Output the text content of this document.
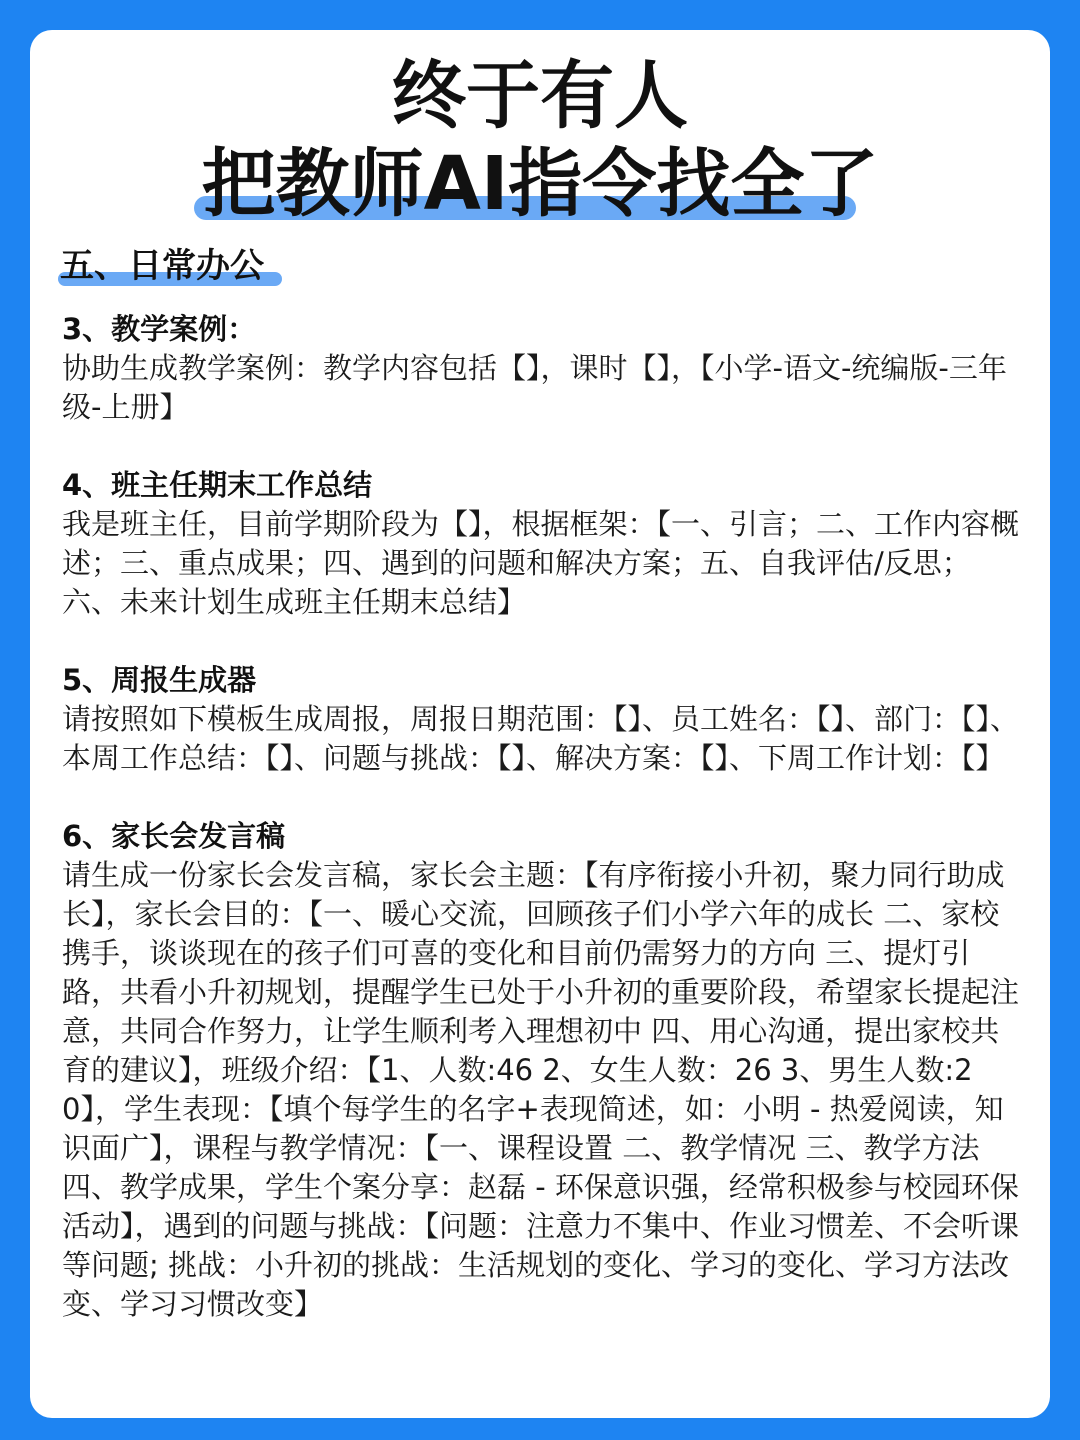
终于有人
把教师AI指令找全了
五、日常办公
3、教学案例：
协助生成教学案例：教学内容包括【】，课时【】，【小学-语文-统编版-三年级-上册】
4、班主任期末工作总结
我是班主任，目前学期阶段为【】，根据框架：【一、引言；二、工作内容概述；三、重点成果；四、遇到的问题和解决方案；五、自我评估/反思；六、未来计划生成班主任期末总结】
5、周报生成器
请按照如下模板生成周报，周报日期范围：【】、员工姓名：【】、部门：【】、本周工作总结：【】、问题与挑战：【】、解决方案：【】、下周工作计划：【】
6、家长会发言稿
请生成一份家长会发言稿，家长会主题：【有序衔接小升初，聚力同行助成长】，家长会目的：【一、暖心交流，回顾孩子们小学六年的成长 二、家校携手，谈谈现在的孩子们可喜的变化和目前仍需努力的方向 三、提灯引路，共看小升初规划，提醒学生已处于小升初的重要阶段，希望家长提起注意，共同合作努力，让学生顺利考入理想初中 四、用心沟通，提出家校共育的建议】，班级介绍：【1、人数:46 2、女生人数：26 3、男生人数:20】，学生表现：【填个每学生的名字+表现简述，如：小明 - 热爱阅读，知识面广】，课程与教学情况：【一、课程设置 二、教学情况 三、教学方法 四、教学成果，学生个案分享：赵磊 - 环保意识强，经常积极参与校园环保活动】，遇到的问题与挑战：【问题：注意力不集中、作业习惯差、不会听课等问题; 挑战：小升初的挑战：生活规划的变化、学习的变化、学习方法改变、学习习惯改变】
